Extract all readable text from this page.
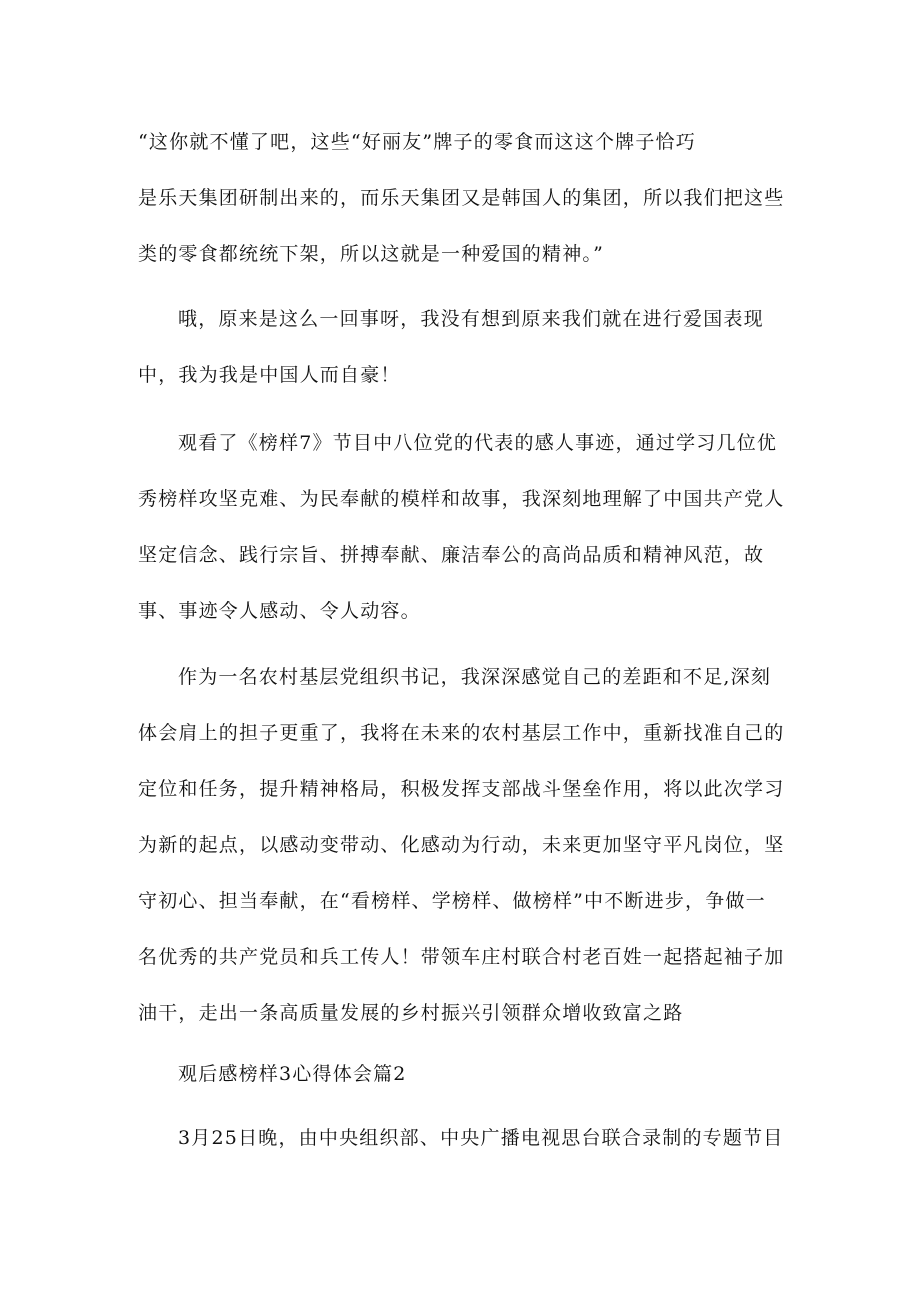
“这你就不懂了吧，这些“好丽友”牌子的零食而这这个牌子恰巧
是乐天集团研制出来的，而乐天集团又是韩国人的集团，所以我们把这些
类的零食都统统下架，所以这就是一种爱国的精神。”
哦，原来是这么一回事呀，我没有想到原来我们就在进行爱国表现
中，我为我是中国人而自豪！
观看了《榜样7》节目中八位党的代表的感人事迹，通过学习几位优
秀榜样攻坚克难、为民奉献的模样和故事，我深刻地理解了中国共产党人
坚定信念、践行宗旨、拼搏奉献、廉洁奉公的高尚品质和精神风范，故
事、事迹令人感动、令人动容。
作为一名农村基层党组织书记，我深深感觉自己的差距和不足,深刻
体会肩上的担子更重了，我将在未来的农村基层工作中，重新找准自己的
定位和任务，提升精神格局，积极发挥支部战斗堡垒作用，将以此次学习
为新的起点，以感动变带动、化感动为行动，未来更加坚守平凡岗位，坚
守初心、担当奉献，在“看榜样、学榜样、做榜样”中不断进步，争做一
名优秀的共产党员和兵工传人！带领车庄村联合村老百姓一起搭起袖子加
油干，走出一条高质量发展的乡村振兴引领群众增收致富之路
观后感榜样3心得体会篇2
3月25日晚，由中央组织部、中央广播电视思台联合录制的专题节目
